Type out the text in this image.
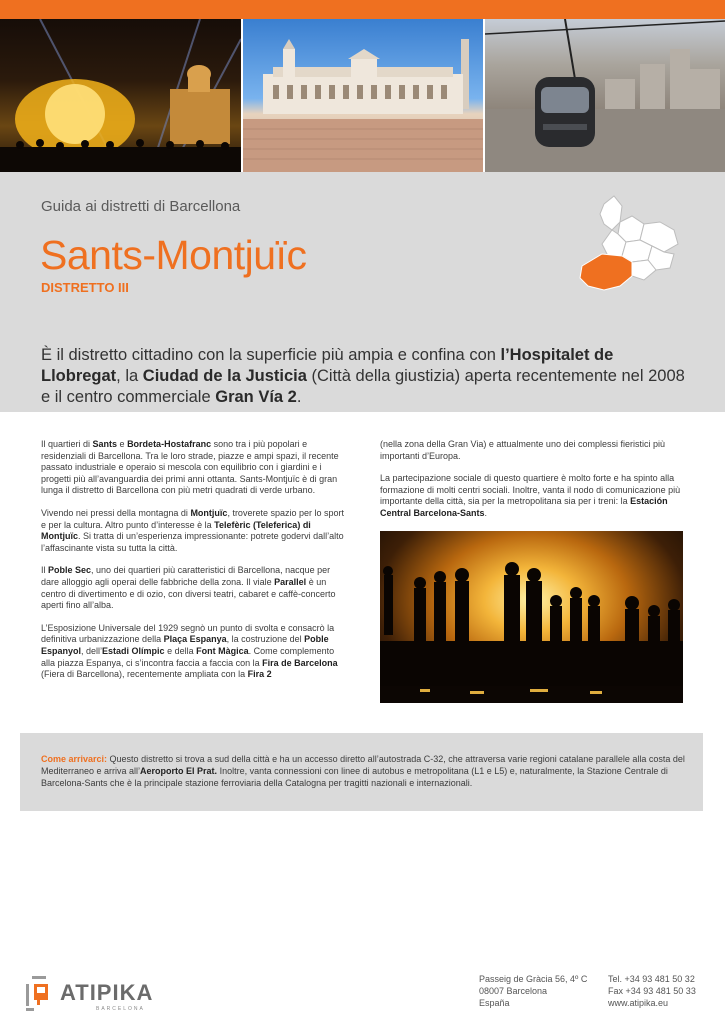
Guida ai distretti di Barcellona
Sants-Montjuïc
DISTRETTO III
È il distretto cittadino con la superficie più ampia e confina con l’Hospitalet de Llobregat, la Ciudad de la Justicia (Città della giustizia) aperta recentemente nel 2008 e il centro commerciale Gran Vía 2.

Il quartieri di Sants e Bordeta-Hostafranc sono tra i più popolari e residenziali di Barcellona. Tra le loro strade, piazze e ampi spazi, il recente passato industriale e operaio si mescola con equilibrio con i giardini e i progetti più all’avanguardia dei primi anni ottanta. Sants-Montjuïc è di gran lunga il distretto di Barcellona con più metri quadrati di verde urbano.

Vivendo nei pressi della montagna di Montjuïc, troverete spazio per lo sport e per la cultura. Altro punto d’interesse è la Telefèric (Teleferica) di Montjuïc. Si tratta di un’esperienza impressionante: potrete godervi dall’alto l’affascinante vista su tutta la città.

Il Poble Sec, uno dei quartieri più caratteristici di Barcellona, nacque per dare alloggio agli operai delle fabbriche della zona. Il viale Parallel è un centro di divertimento e di ozio, con diversi teatri, cabaret e caffè-concerto aperti fino all’alba.

L’Esposizione Universale del 1929 segnò un punto di svolta e consacrò la definitiva urbanizzazione della Plaça Espanya, la costruzione del Poble Espanyol, dell’Estadi Olímpic e della Font Màgica. Come complemento alla piazza Espanya, ci s’incontra faccia a faccia con la Fira de Barcelona (Fiera di Barcellona), recentemente ampliata con la Fira 2

(nella zona della Gran Via) e attualmente uno dei complessi fieristici più importanti d’Europa.

La partecipazione sociale di questo quartiere è molto forte e ha spinto alla formazione di molti centri sociali. Inoltre, vanta il nodo di comunicazione più importante della città, sia per la metropolitana sia per i treni: la Estación Central Barcelona-Sants.

Come arrivarci: Questo distretto si trova a sud della città e ha un accesso diretto all’autostrada C-32, che attraversa varie regioni catalane parallele alla costa del Mediterraneo e arriva all’Aeroporto El Prat. Inoltre, vanta connessioni con linee di autobus e metropolitana (L1 e L5) e, naturalmente, la Stazione Centrale di Barcelona-Sants che è la principale stazione ferroviaria della Catalogna per tragitti nazionali e internazionali.
ATIPIKA
BARCELONA
Passeig de Gràcia 56, 4º C
08007 Barcelona
España
Tel. +34 93 481 50 32
Fax +34 93 481 50 33
www.atipika.eu
